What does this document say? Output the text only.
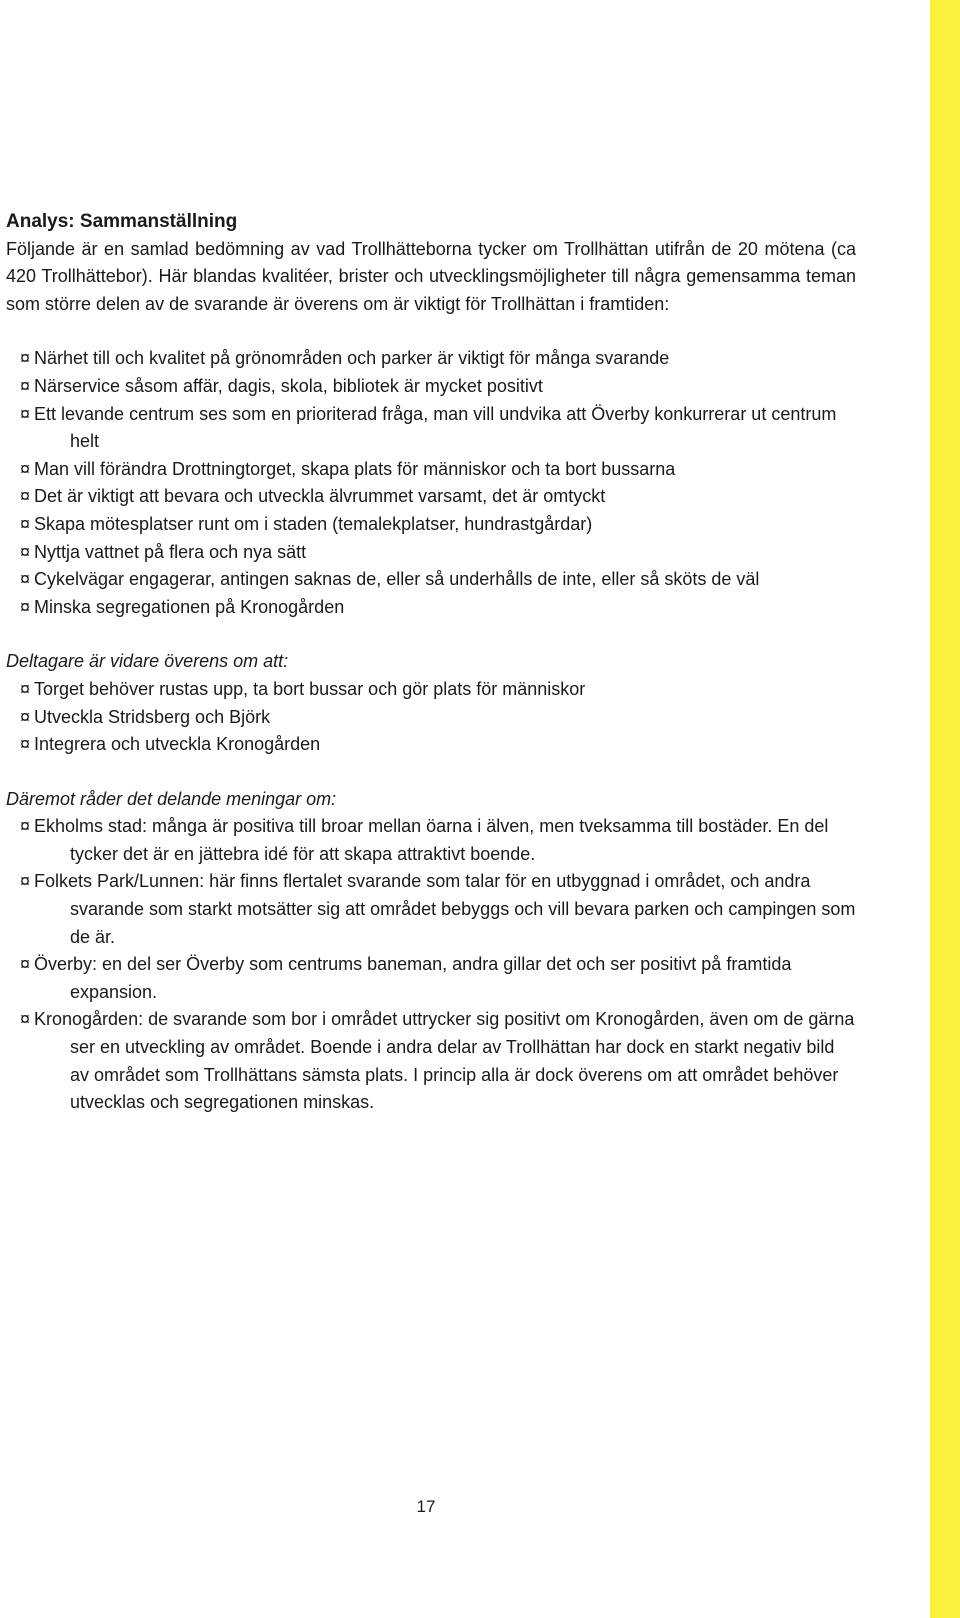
Analys: Sammanställning

Följande är en samlad bedömning av vad Trollhätteborna tycker om Trollhättan utifrån de 20 mötena (ca 420 Trollhättebor). Här blandas kvalitéer, brister och utvecklingsmöjligheter till några gemensamma teman som större delen av de svarande är överens om är viktigt för Trollhättan i framtiden:

¤ Närhet till och kvalitet på grönområden och parker är viktigt för många svarande
¤ Närservice såsom affär, dagis, skola, bibliotek är mycket positivt
¤ Ett levande centrum ses som en prioriterad fråga, man vill undvika att Överby konkurrerar ut centrum helt
¤ Man vill förändra Drottningtorget, skapa plats för människor och ta bort bussarna
¤ Det är viktigt att bevara och utveckla älvrummet varsamt, det är omtyckt
¤ Skapa mötesplatser runt om i staden (temalekplatser, hundrastgårdar)
¤ Nyttja vattnet på flera och nya sätt
¤ Cykelvägar engagerar, antingen saknas de, eller så underhålls de inte, eller så sköts de väl
¤ Minska segregationen på Kronogården

Deltagare är vidare överens om att:

¤ Torget behöver rustas upp, ta bort bussar och gör plats för människor
¤ Utveckla Stridsberg och Björk
¤ Integrera och utveckla Kronogården

Däremot råder det delande meningar om:

¤ Ekholms stad: många är positiva till broar mellan öarna i älven, men tveksamma till bostäder. En del tycker det är en jättebra idé för att skapa attraktivt boende.
¤ Folkets Park/Lunnen: här finns flertalet svarande som talar för en utbyggnad i området, och andra svarande som starkt motsätter sig att området bebyggs och vill bevara parken och campingen som de är.
¤ Överby: en del ser Överby som centrums baneman, andra gillar det och ser positivt på framtida expansion.
¤ Kronogården: de svarande som bor i området uttrycker sig positivt om Kronogården, även om de gärna ser en utveckling av området. Boende i andra delar av Trollhättan har dock en starkt negativ bild av området som Trollhättans sämsta plats. I princip alla är dock överens om att området behöver utvecklas och segregationen minskas.
17
